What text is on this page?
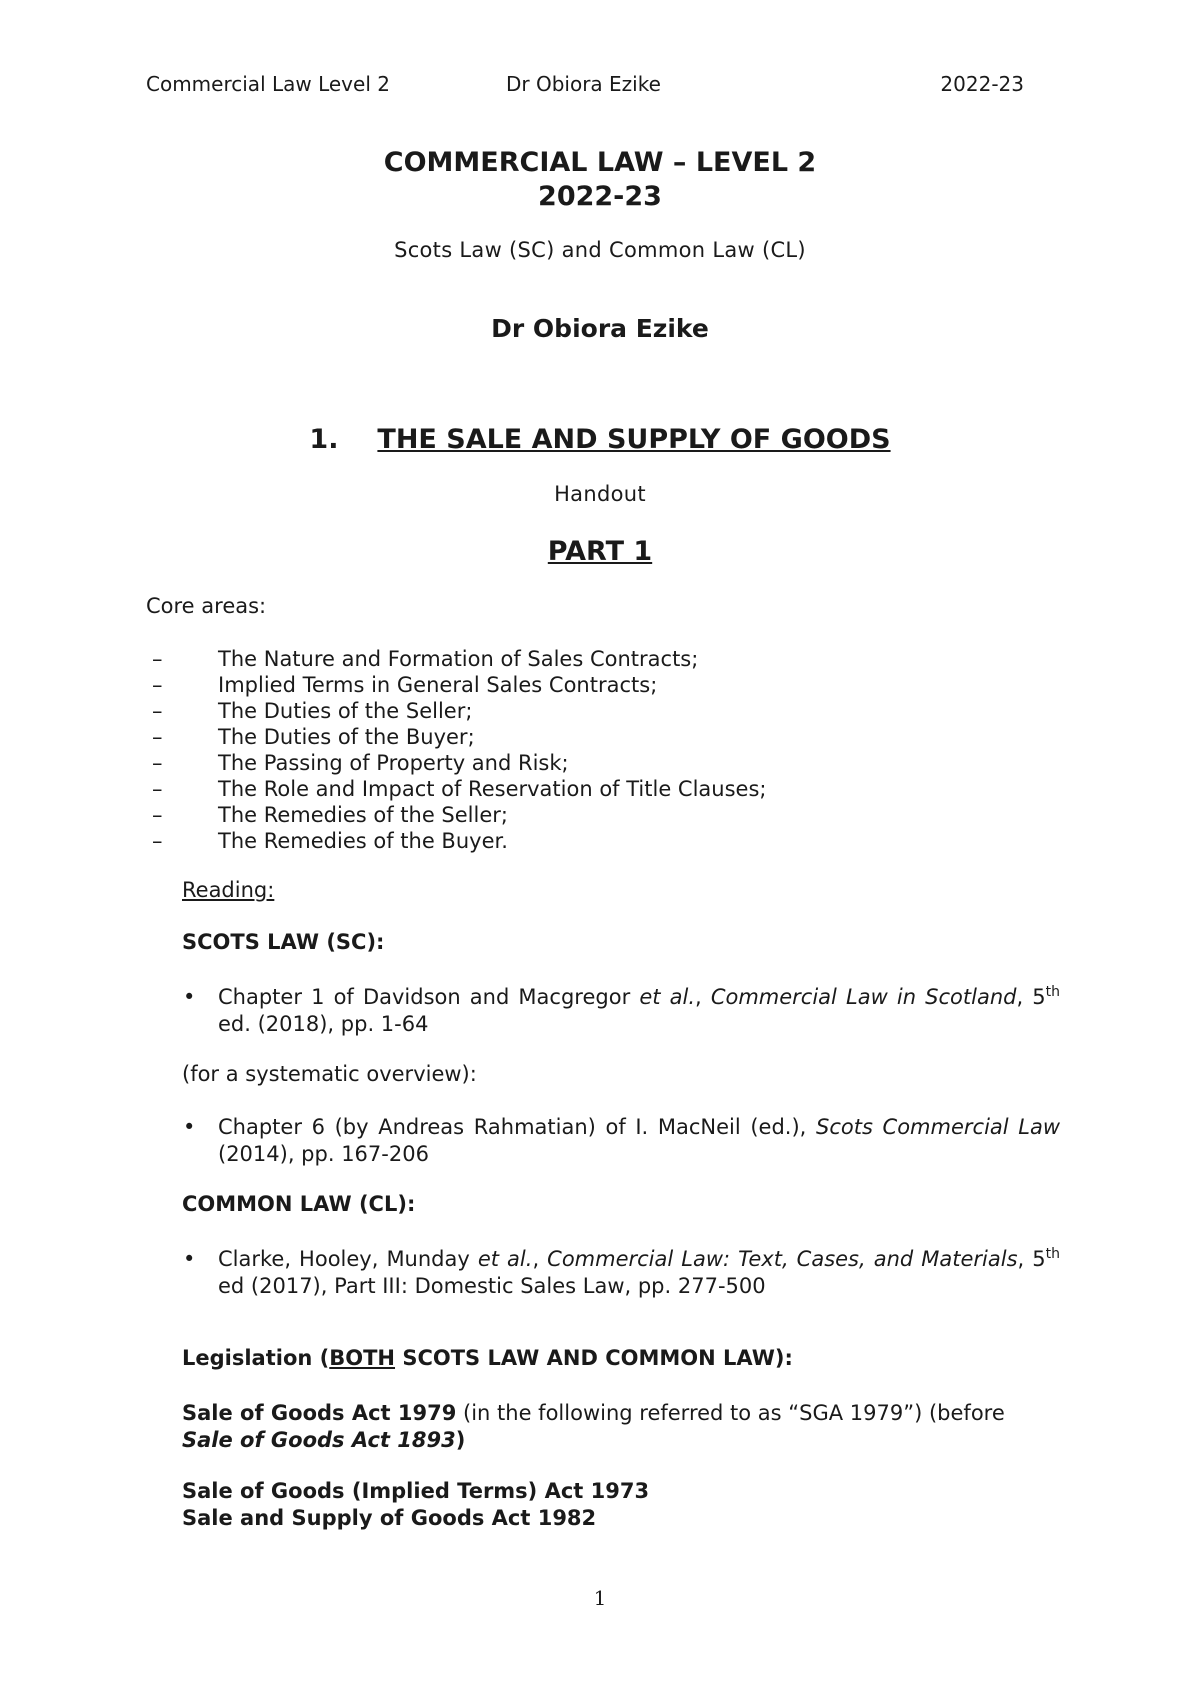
Commercial Law Level 2	Dr Obiora Ezike	2022-23
COMMERCIAL LAW – LEVEL 2
2022-23
Scots Law (SC) and Common Law (CL)
Dr Obiora Ezike
1. THE SALE AND SUPPLY OF GOODS
Handout
PART 1
Core areas:
–	The Nature and Formation of Sales Contracts;
–	Implied Terms in General Sales Contracts;
–	The Duties of the Seller;
–	The Duties of the Buyer;
–	The Passing of Property and Risk;
–	The Role and Impact of Reservation of Title Clauses;
–	The Remedies of the Seller;
–	The Remedies of the Buyer.
Reading:
SCOTS LAW (SC):
• Chapter 1 of Davidson and Macgregor et al., Commercial Law in Scotland, 5th ed. (2018), pp. 1-64
(for a systematic overview):
• Chapter 6 (by Andreas Rahmatian) of I. MacNeil (ed.), Scots Commercial Law (2014), pp. 167-206
COMMON LAW (CL):
• Clarke, Hooley, Munday et al., Commercial Law: Text, Cases, and Materials, 5th ed (2017), Part III: Domestic Sales Law, pp. 277-500
Legislation (BOTH SCOTS LAW AND COMMON LAW):
Sale of Goods Act 1979 (in the following referred to as “SGA 1979”) (before
Sale of Goods Act 1893)
Sale of Goods (Implied Terms) Act 1973
Sale and Supply of Goods Act 1982
1
